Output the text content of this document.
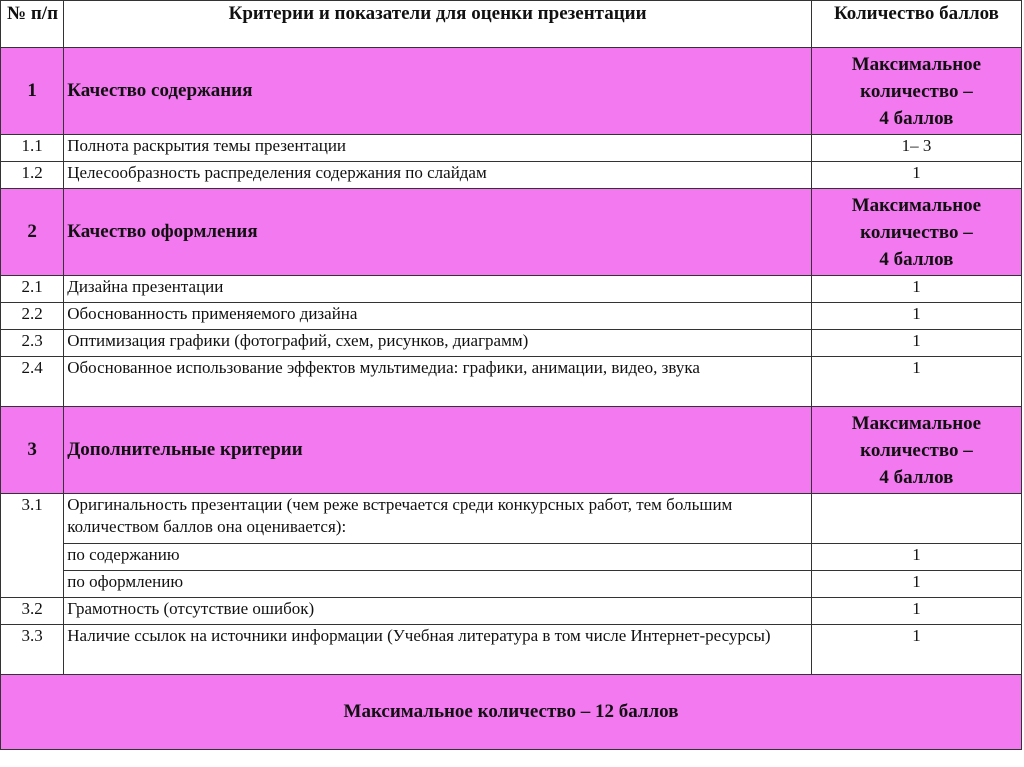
№ п/п	Критерии и показатели для оценки презентации	Количество баллов
1	Качество содержания	Максимальное
количество –
4 баллов

1.1	Полнота раскрытия темы презентации	1– 3
1.2	Целесообразность распределения содержания по слайдам	1
2	Качество оформления	Максимальное
количество –
4 баллов

2.1	Дизайна презентации	1
2.2	Обоснованность применяемого дизайна	1
2.3	Оптимизация графики (фотографий, схем, рисунков, диаграмм)	1
2.4	Обоснованное использование эффектов мультимедиа: графики, анимации, видео, звука	1
3	Дополнительные критерии	Максимальное
количество –
4 баллов

3.1	Оригинальность презентации (чем реже встречается среди конкурсных работ, тем большим количеством баллов она оценивается):	
	по содержанию	1
	по оформлению	1
3.2	Грамотность (отсутствие ошибок)	1
3.3	Наличие ссылок на источники информации (Учебная литература в том числе Интернет-ресурсы)	1
Максимальное количество – 12 баллов		
